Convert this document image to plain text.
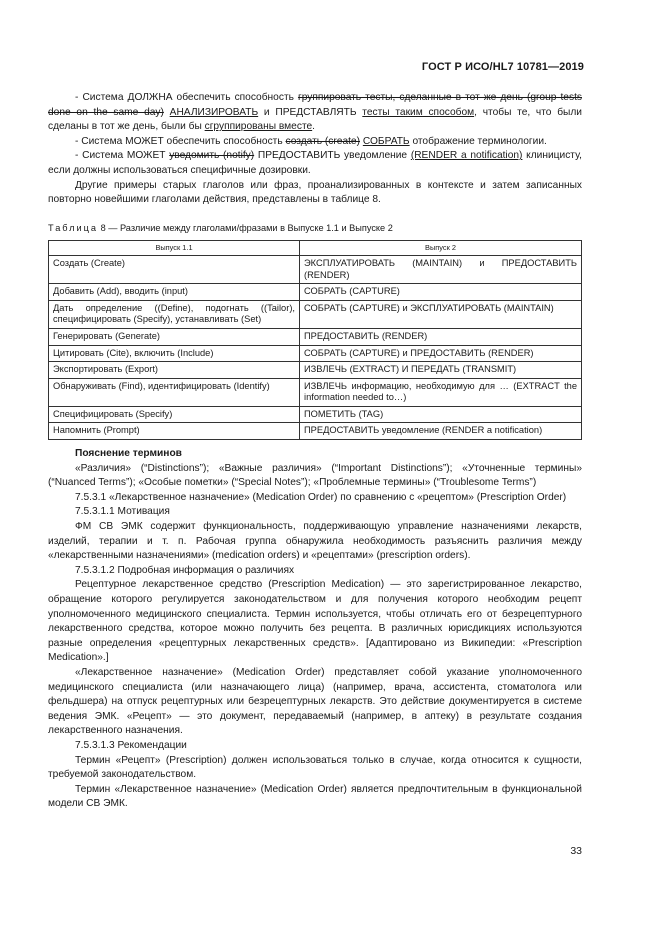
ГОСТ Р ИСО/HL7 10781—2019

- Система ДОЛЖНА обеспечить способность группировать тесты, сделанные в тот же день (group tests done on the same day) АНАЛИЗИРОВАТЬ и ПРЕДСТАВЛЯТЬ тесты таким способом, чтобы те, что были сделаны в тот же день, были бы сгруппированы вместе.

- Система МОЖЕТ обеспечить способность создать (create) СОБРАТЬ отображение терминологии.

- Система МОЖЕТ уведомить (notify) ПРЕДОСТАВИТЬ уведомление (RENDER a notification) клиницисту, если должны использоваться специфичные дозировки.

Другие примеры старых глаголов или фраз, проанализированных в контексте и затем записанных повторно новейшими глаголами действия, представлены в таблице 8.

Таблица 8 — Различие между глаголами/фразами в Выпуске 1.1 и Выпуске 2
Выпуск 1.1	Выпуск 2
Создать (Create)	ЭКСПЛУАТИРОВАТЬ (MAINTAIN) и ПРЕДОСТАВИТЬ (RENDER)
Добавить (Add), вводить (input)	СОБРАТЬ (CAPTURE)
Дать определение ((Define), подогнать ((Tailor), специфицировать (Specify), устанавливать (Set)	СОБРАТЬ (CAPTURE) и ЭКСПЛУАТИРОВАТЬ (MAINTAIN)
Генерировать (Generate)	ПРЕДОСТАВИТЬ (RENDER)
Цитировать (Cite), включить (Include)	СОБРАТЬ (CAPTURE) и ПРЕДОСТАВИТЬ (RENDER)
Экспортировать (Export)	ИЗВЛЕЧЬ (EXTRACT) И ПЕРЕДАТЬ (TRANSMIT)
Обнаруживать (Find), идентифицировать (Identify)	ИЗВЛЕЧЬ информацию, необходимую для … (EXTRACT the information needed to…)
Специфицировать (Specify)	ПОМЕТИТЬ (TAG)
Напомнить (Prompt)	ПРЕДОСТАВИТЬ уведомление (RENDER a notification)

Пояснение терминов

«Различия» (“Distinctions”); «Важные различия» (“Important Distinctions”); «Уточненные термины» (“Nuanced Terms”); «Особые пометки» (“Special Notes”); «Проблемные термины» (“Troublesome Terms”)

7.5.3.1 «Лекарственное назначение» (Medication Order) по сравнению с «рецептом» (Prescription Order)

7.5.3.1.1 Мотивация

ФМ СВ ЭМК содержит функциональность, поддерживающую управление назначениями лекарств, изделий, терапии и т. п. Рабочая группа обнаружила необходимость разъяснить различия между «лекарственными назначениями» (medication orders) и «рецептами» (prescription orders).

7.5.3.1.2 Подробная информация о различиях

Рецептурное лекарственное средство (Prescription Medication) — это зарегистрированное лекарство, обращение которого регулируется законодательством и для получения которого необходим рецепт уполномоченного медицинского специалиста. Термин используется, чтобы отличать его от безрецептурного лекарственного средства, которое можно получить без рецепта. В различных юрисдикциях используются разные определения «рецептурных лекарственных средств». [Адаптировано из Википедии: «Prescription Medication».]

«Лекарственное назначение» (Medication Order) представляет собой указание уполномоченного медицинского специалиста (или назначающего лица) (например, врача, ассистента, стоматолога или фельдшера) на отпуск рецептурных или безрецептурных лекарств. Это действие документируется в системе ведения ЭМК. «Рецепт» — это документ, передаваемый (например, в аптеку) в результате создания лекарственного назначения.

7.5.3.1.3 Рекомендации

Термин «Рецепт» (Prescription) должен использоваться только в случае, когда относится к сущности, требуемой законодательством.

Термин «Лекарственное назначение» (Medication Order) является предпочтительным в функциональной модели СВ ЭМК.

33
